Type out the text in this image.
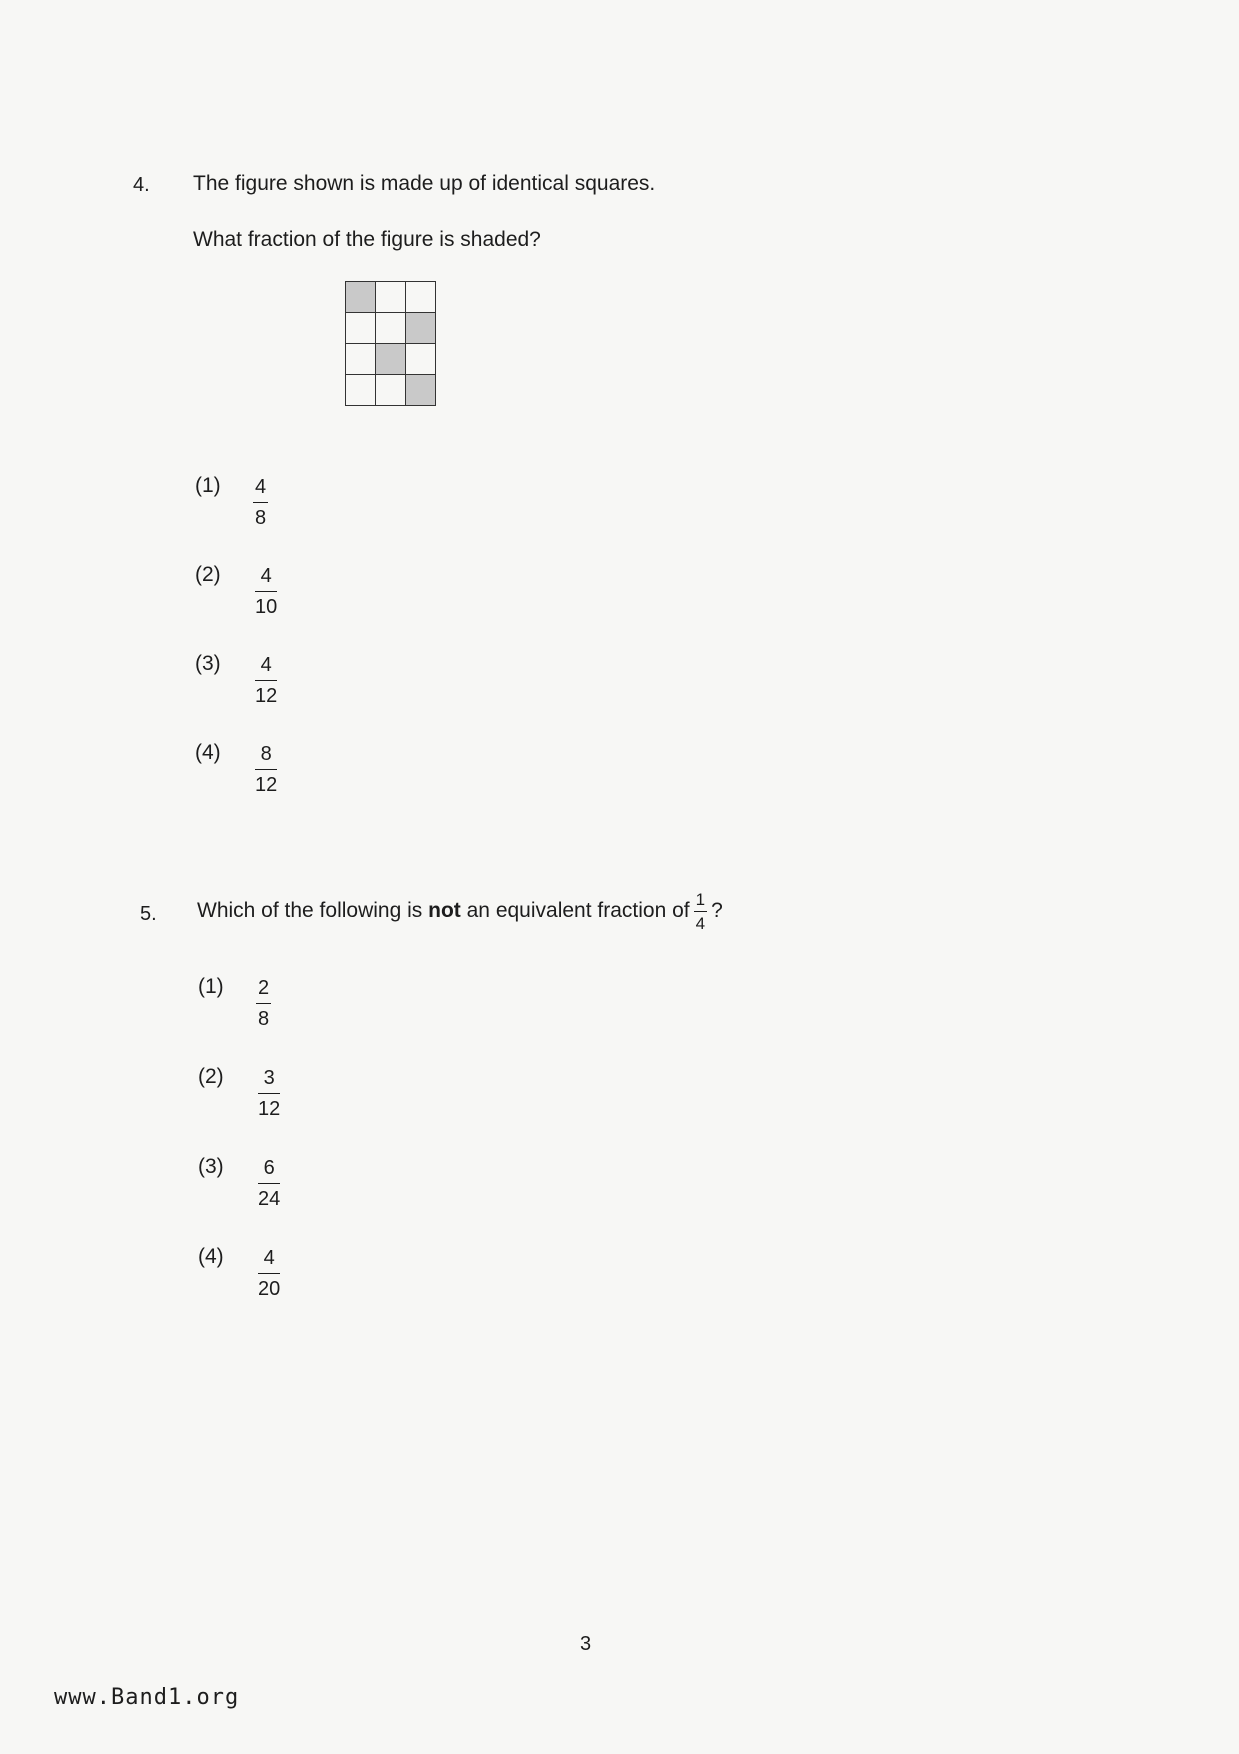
4. The figure shown is made up of identical squares.
What fraction of the figure is shaded?

$(1) \frac{4}{8}$
$(2) \frac{4}{10}$
$(3) \frac{4}{12}$
$(4) \frac{8}{12}$
5. Which of the following is
not
an equivalent fraction of $\frac{1}{4}$ ?
$(1) \frac{2}{8}$
$(2) \frac{3}{12}$
$(3) \frac{6}{24}$
$(4) \frac{4}{20}$
3
www.Band1.org
